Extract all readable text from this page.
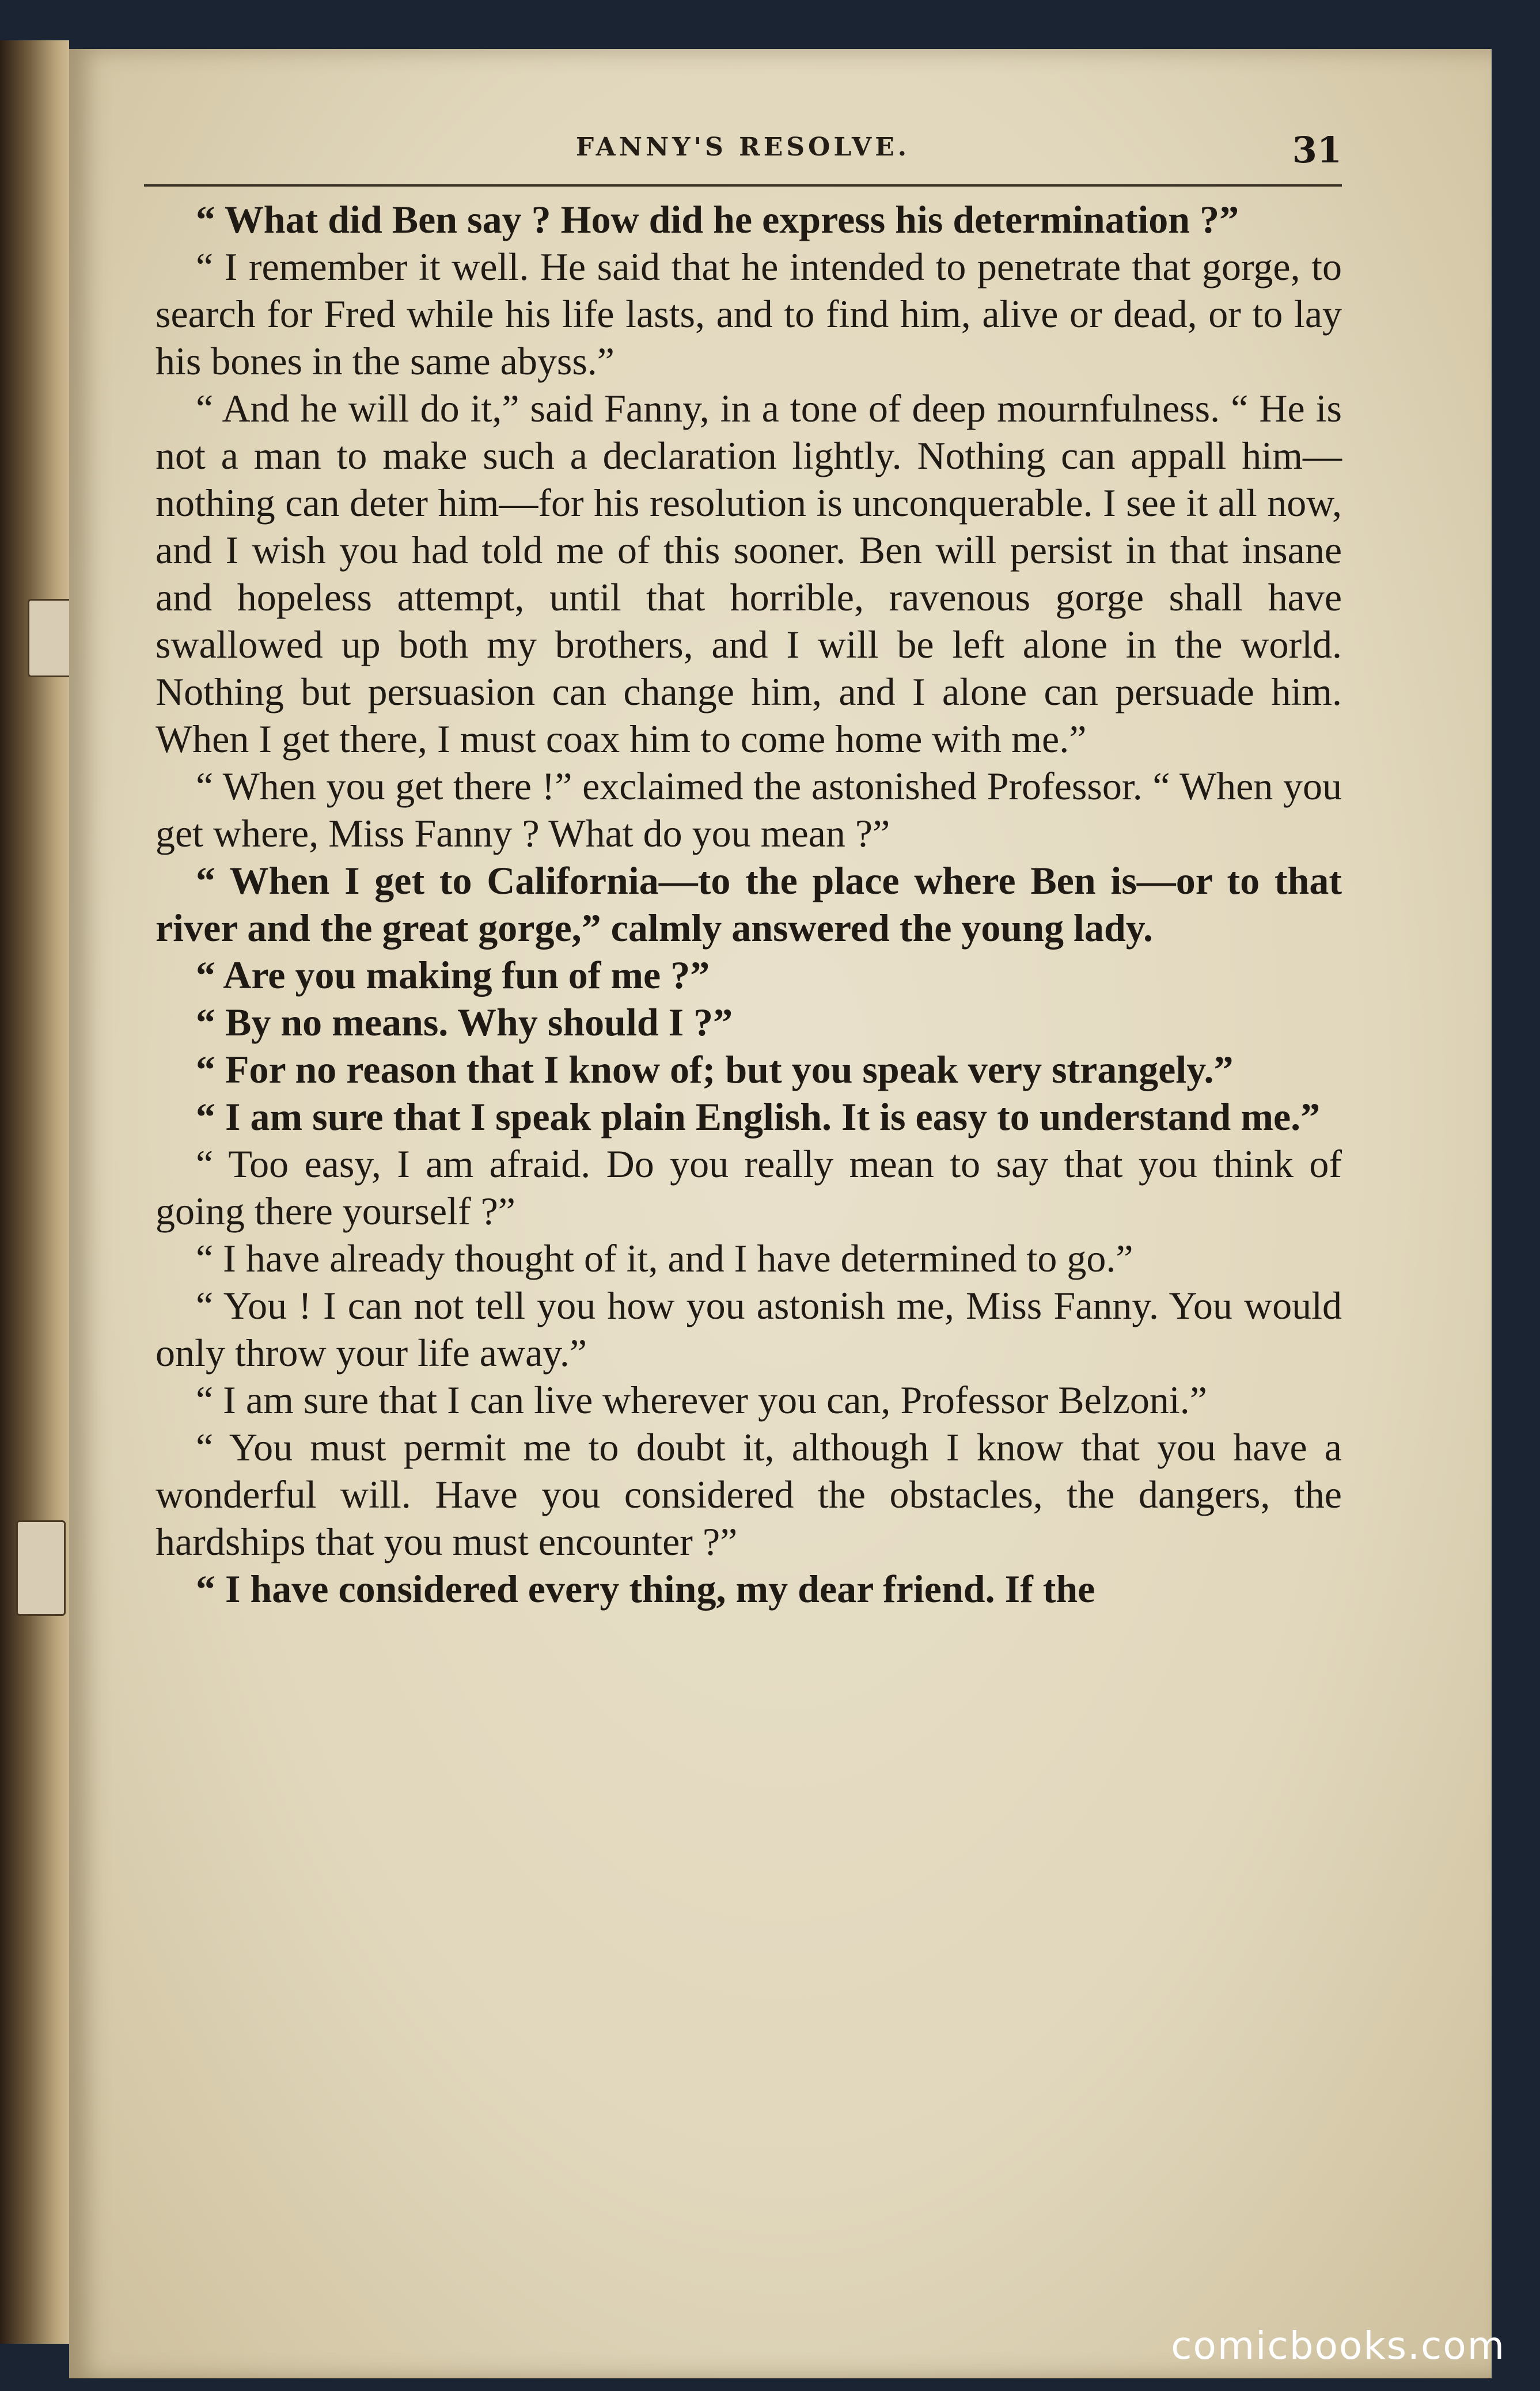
FANNY'S RESOLVE.	31

“ What did Ben say ? How did he express his determination ?”

“ I remember it well. He said that he intended to penetrate that gorge, to search for Fred while his life lasts, and to find him, alive or dead, or to lay his bones in the same abyss.”

“ And he will do it,” said Fanny, in a tone of deep mournfulness. “ He is not a man to make such a declaration lightly. Nothing can appall him—nothing can deter him—for his resolution is unconquerable. I see it all now, and I wish you had told me of this sooner. Ben will persist in that insane and hopeless attempt, until that horrible, ravenous gorge shall have swallowed up both my brothers, and I will be left alone in the world. Nothing but persuasion can change him, and I alone can persuade him. When I get there, I must coax him to come home with me.”

“ When you get there !” exclaimed the astonished Professor. “ When you get where, Miss Fanny ? What do you mean ?”

“ When I get to California—to the place where Ben is—or to that river and the great gorge,” calmly answered the young lady.

“ Are you making fun of me ?”

“ By no means. Why should I ?”

“ For no reason that I know of; but you speak very strangely.”

“ I am sure that I speak plain English. It is easy to understand me.”

“ Too easy, I am afraid. Do you really mean to say that you think of going there yourself ?”

“ I have already thought of it, and I have determined to go.”

“ You ! I can not tell you how you astonish me, Miss Fanny. You would only throw your life away.”

“ I am sure that I can live wherever you can, Professor Belzoni.”

“ You must permit me to doubt it, although I know that you have a wonderful will. Have you considered the obstacles, the dangers, the hardships that you must encounter ?”

“ I have considered every thing, my dear friend. If the

comicbooks.com
